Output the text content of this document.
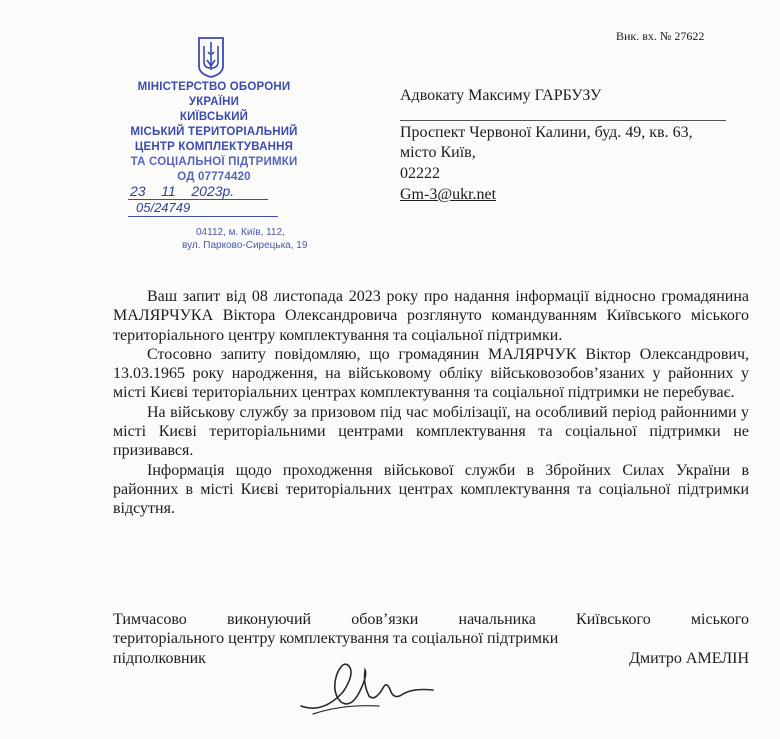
Вик. вх. № 27622
МІНІСТЕРСТВО ОБОРОНИ
УКРАЇНИ
КИЇВСЬКИЙ
МІСЬКИЙ ТЕРИТОРІАЛЬНИЙ
ЦЕНТР КОМПЛЕКТУВАННЯ
ТА СОЦІАЛЬНОЇ ПІДТРИМКИ
ОД 07774420
23 11 2023р.
05/24749
04112, м. Київ, 112,
вул. Парково-Сирецька, 19
Адвокату Максиму ГАРБУЗУ
Проспект Червоної Калини, буд. 49, кв. 63,
місто Київ,
02222
Gm-3@ukr.net

Ваш запит від 08 листопада 2023 року про надання інформації відносно громадянина МАЛЯРЧУКА Віктора Олександровича розглянуто командуванням Київського міського територіального центру комплектування та соціальної підтримки.

Стосовно запиту повідомляю, що громадянин МАЛЯРЧУК Віктор Олександрович, 13.03.1965 року народження, на військовому обліку військовозобов’язаних у районних у місті Києві територіальних центрах комплектування та соціальної підтримки не перебуває.

На військову службу за призовом під час мобілізації, на особливий період районними у місті Києві територіальними центрами комплектування та соціальної підтримки не призивався.

Інформація щодо проходження військової служби в Збройних Силах України в районних в місті Києві територіальних центрах комплектування та соціальної підтримки відсутня.

Тимчасово виконуючий обов’язки начальника Київського міського
територіального центру комплектування та соціальної підтримки
підполковник	Дмитро АМЕЛІН
